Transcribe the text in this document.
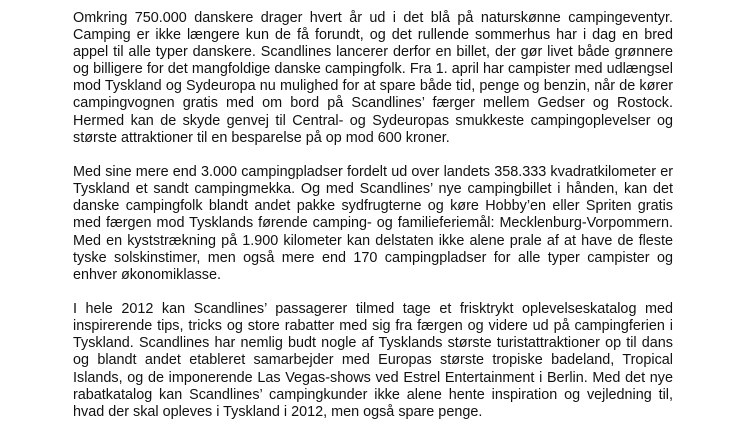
Omkring 750.000 danskere drager hvert år ud i det blå på naturskønne campingeventyr. Camping er ikke længere kun de få forundt, og det rullende sommerhus har i dag en bred appel til alle typer danskere. Scandlines lancerer derfor en billet, der gør livet både grønnere og billigere for det mangfoldige danske campingfolk. Fra 1. april har campister med udlængsel mod Tyskland og Sydeuropa nu mulighed for at spare både tid, penge og benzin, når de kører campingvognen gratis med om bord på Scandlines’ færger mellem Gedser og Rostock. Hermed kan de skyde genvej til Central- og Sydeuropas smukkeste campingoplevelser og største attraktioner til en besparelse på op mod 600 kroner.

Med sine mere end 3.000 campingpladser fordelt ud over landets 358.333 kvadratkilometer er Tyskland et sandt campingmekka. Og med Scandlines’ nye campingbillet i hånden, kan det danske campingfolk blandt andet pakke sydfrugterne og køre Hobby’en eller Spriten gratis med færgen mod Tysklands førende camping- og familieferiemål: Mecklenburg-Vorpommern. Med en kyststrækning på 1.900 kilometer kan delstaten ikke alene prale af at have de fleste tyske solskinstimer, men også mere end 170 campingpladser for alle typer campister og enhver økonomiklasse.

I hele 2012 kan Scandlines’ passagerer tilmed tage et frisktrykt oplevelseskatalog med inspirerende tips, tricks og store rabatter med sig fra færgen og videre ud på campingferien i Tyskland. Scandlines har nemlig budt nogle af Tysklands største turistattraktioner op til dans og blandt andet etableret samarbejder med Europas største tropiske badeland, Tropical Islands, og de imponerende Las Vegas-shows ved Estrel Entertainment i Berlin. Med det nye rabatkatalog kan Scandlines’ campingkunder ikke alene hente inspiration og vejledning til, hvad der skal opleves i Tyskland i 2012, men også spare penge.
